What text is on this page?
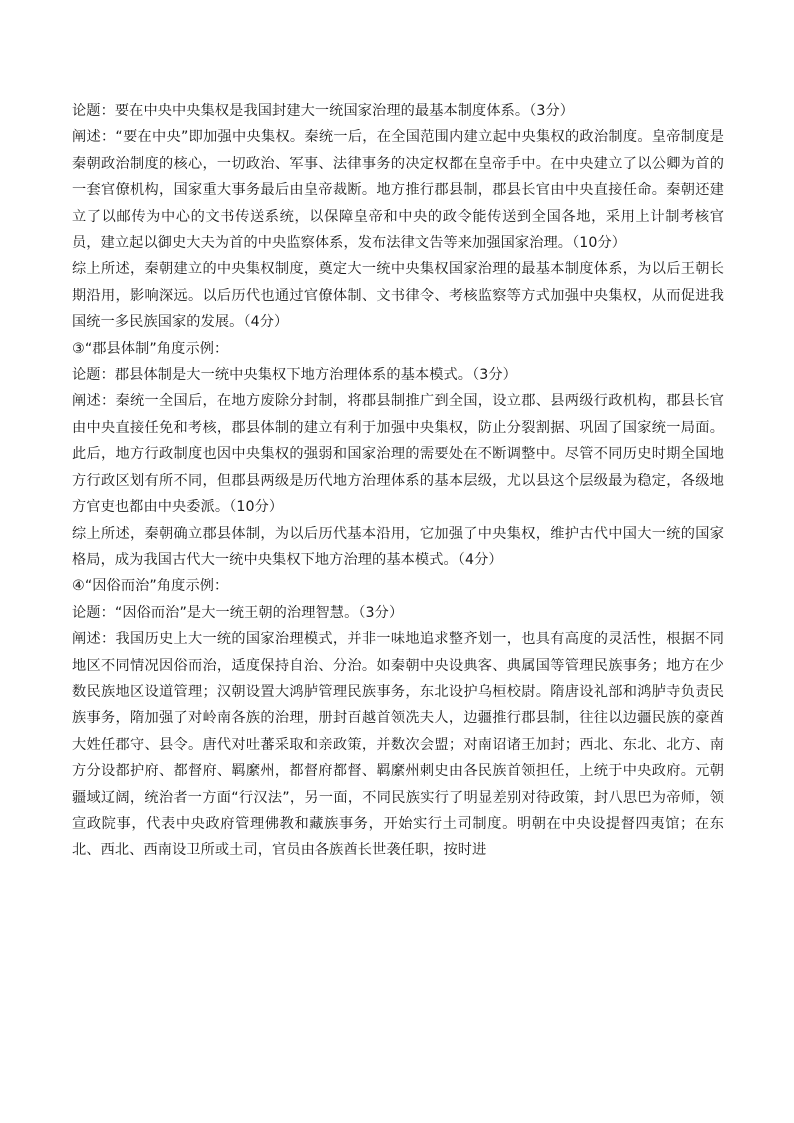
论题：要在中央中央集权是我国封建大一统国家治理的最基本制度体系。（3分）

阐述：“要在中央”即加强中央集权。秦统一后，在全国范围内建立起中央集权的政治制度。皇帝制度是秦朝政治制度的核心，一切政治、军事、法律事务的决定权都在皇帝手中。在中央建立了以公卿为首的一套官僚机构，国家重大事务最后由皇帝裁断。地方推行郡县制，郡县长官由中央直接任命。秦朝还建立了以邮传为中心的文书传送系统，以保障皇帝和中央的政令能传送到全国各地，采用上计制考核官员，建立起以御史大夫为首的中央监察体系，发布法律文告等来加强国家治理。（10分）

综上所述，秦朝建立的中央集权制度，奠定大一统中央集权国家治理的最基本制度体系，为以后王朝长期沿用，影响深远。以后历代也通过官僚体制、文书律令、考核监察等方式加强中央集权，从而促进我国统一多民族国家的发展。（4分）

③“郡县体制”角度示例：

论题：郡县体制是大一统中央集权下地方治理体系的基本模式。（3分）

阐述：秦统一全国后，在地方废除分封制，将郡县制推广到全国，设立郡、县两级行政机构，郡县长官由中央直接任免和考核，郡县体制的建立有利于加强中央集权，防止分裂割据、巩固了国家统一局面。此后，地方行政制度也因中央集权的强弱和国家治理的需要处在不断调整中。尽管不同历史时期全国地方行政区划有所不同，但郡县两级是历代地方治理体系的基本层级，尤以县这个层级最为稳定，各级地方官吏也都由中央委派。（10分）

综上所述，秦朝确立郡县体制，为以后历代基本沿用，它加强了中央集权，维护古代中国大一统的国家格局，成为我国古代大一统中央集权下地方治理的基本模式。（4分）

④“因俗而治”角度示例：

论题：“因俗而治”是大一统王朝的治理智慧。（3分）

阐述：我国历史上大一统的国家治理模式，并非一味地追求整齐划一，也具有高度的灵活性，根据不同地区不同情况因俗而治，适度保持自治、分治。如秦朝中央设典客、典属国等管理民族事务；地方在少数民族地区设道管理；汉朝设置大鸿胪管理民族事务，东北设护乌桓校尉。隋唐设礼部和鸿胪寺负责民族事务，隋加强了对岭南各族的治理，册封百越首领冼夫人，边疆推行郡县制，往往以边疆民族的豪酋大姓任郡守、县令。唐代对吐蕃采取和亲政策，并数次会盟；对南诏诸王加封；西北、东北、北方、南方分设都护府、都督府、羁縻州，都督府都督、羁縻州刺史由各民族首领担任，上统于中央政府。元朝疆域辽阔，统治者一方面“行汉法”，另一面，不同民族实行了明显差别对待政策，封八思巴为帝师，领宣政院事，代表中央政府管理佛教和藏族事务，开始实行土司制度。明朝在中央设提督四夷馆；在东北、西北、西南设卫所或土司，官员由各族酋长世袭任职，按时进
